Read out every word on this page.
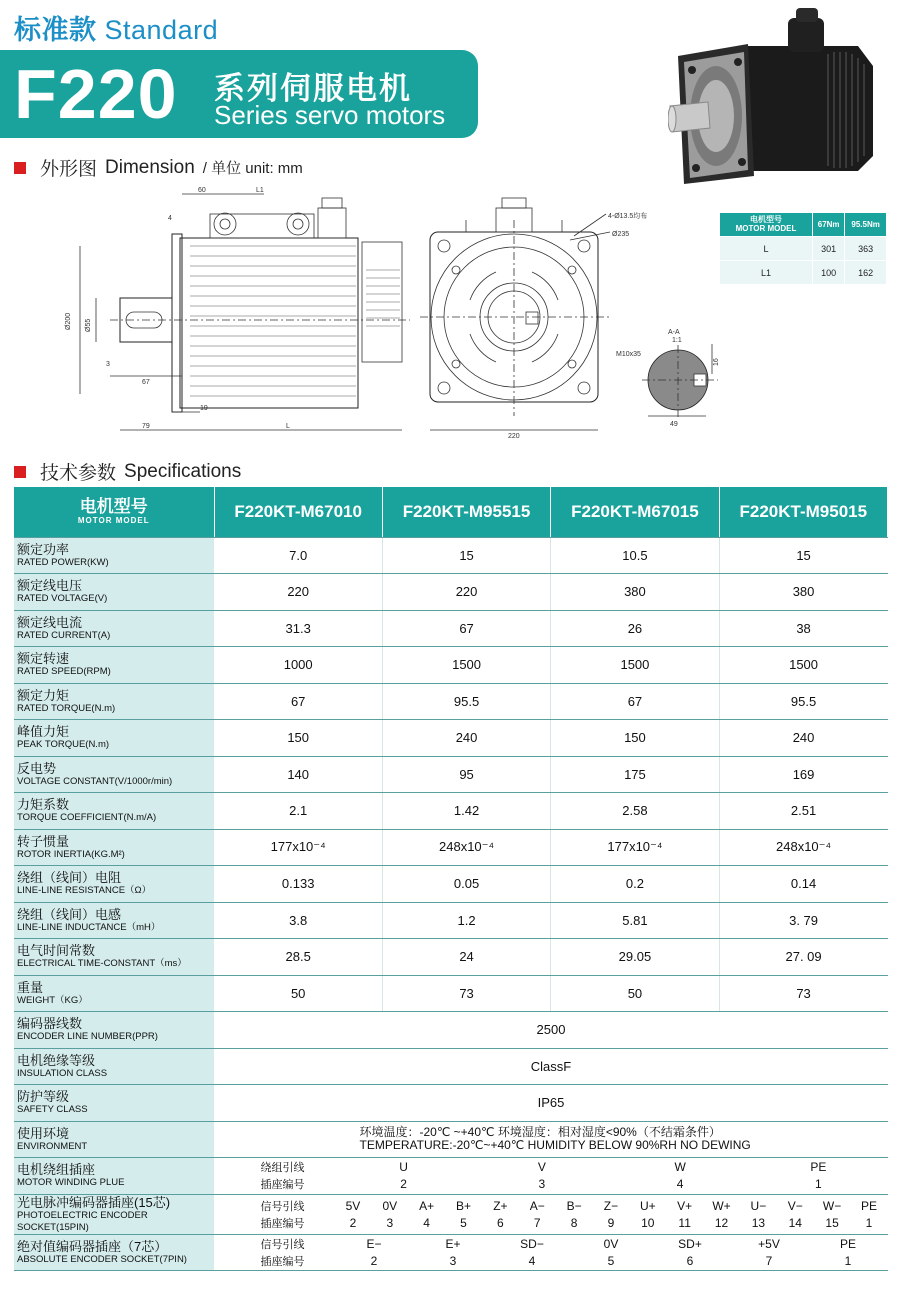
标准款 Standard
F220 系列伺服电机
Series servo motors
外形图 Dimension / 单位 unit: mm
60	L1
4
L
79
19
67
3
Ø200 Ø55
220
4-Ø13.5均布
Ø235
A-A
1:1
M10x35
16
49
电机型号
MOTOR MODEL	67Nm	95.5Nm
L	301	363
L1	100	162
技术参数 Specifications
电机型号
MOTOR MODEL	F220KT-M67010	F220KT-M95515	F220KT-M67015	F220KT-M95015

额定功率
RATED POWER(KW)	7.0	15	10.5	15

额定线电压
RATED VOLTAGE(V)	220	220	380	380

额定线电流
RATED CURRENT(A)	31.3	67	26	38

额定转速
RATED SPEED(RPM)	1000	1500	1500	1500

额定力矩
RATED TORQUE(N.m)	67	95.5	67	95.5

峰值力矩
PEAK TORQUE(N.m)	150	240	150	240

反电势
VOLTAGE CONSTANT(V/1000r/min)	140	95	175	169

力矩系数
TORQUE COEFFICIENT(N.m/A)	2.1	1.42	2.58	2.51

转子惯量
ROTOR INERTIA(KG.M²)	177x10⁻⁴	248x10⁻⁴	177x10⁻⁴	248x10⁻⁴

绕组（线间）电阻
LINE-LINE RESISTANCE（Ω）	0.133	0.05	0.2	0.14

绕组（线间）电感
LINE-LINE INDUCTANCE（mH）	3.8	1.2	5.81	3. 79

电气时间常数
ELECTRICAL TIME-CONSTANT（ms）	28.5	24	29.05	27. 09

重量
WEIGHT（KG）	50	73	50	73

编码器线数
ENCODER LINE NUMBER(PPR)	2500

电机绝缘等级
INSULATION CLASS	ClassF

防护等级
SAFETY CLASS	IP65

使用环境
ENVIRONMENT

环境温度：-20℃ ~+40℃ 环境湿度：相对湿度<90%（不结霜条件）
TEMPERATURE:-20℃~+40℃ HUMIDITY BELOW 90%RH NO DEWING

电机绕组插座
MOTOR WINDING PLUE

绕组引线	U	V	W	PE
插座编号	2	3	4	1

光电脉冲编码器插座(15芯)
PHOTOELECTRIC ENCODER SOCKET(15PIN)

信号引线	5V	0V	A+	B+	Z+	A−	B−	Z−	U+	V+	W+	U−	V−	W−	PE
插座编号	2	3	4	5	6	7	8	9	10	11	12	13	14	15	1

绝对值编码器插座（7芯）
ABSOLUTE ENCODER SOCKET(7PIN)

信号引线	E−	E+	SD−	0V	SD+	+5V	PE
插座编号	2	3	4	5	6	7	1
